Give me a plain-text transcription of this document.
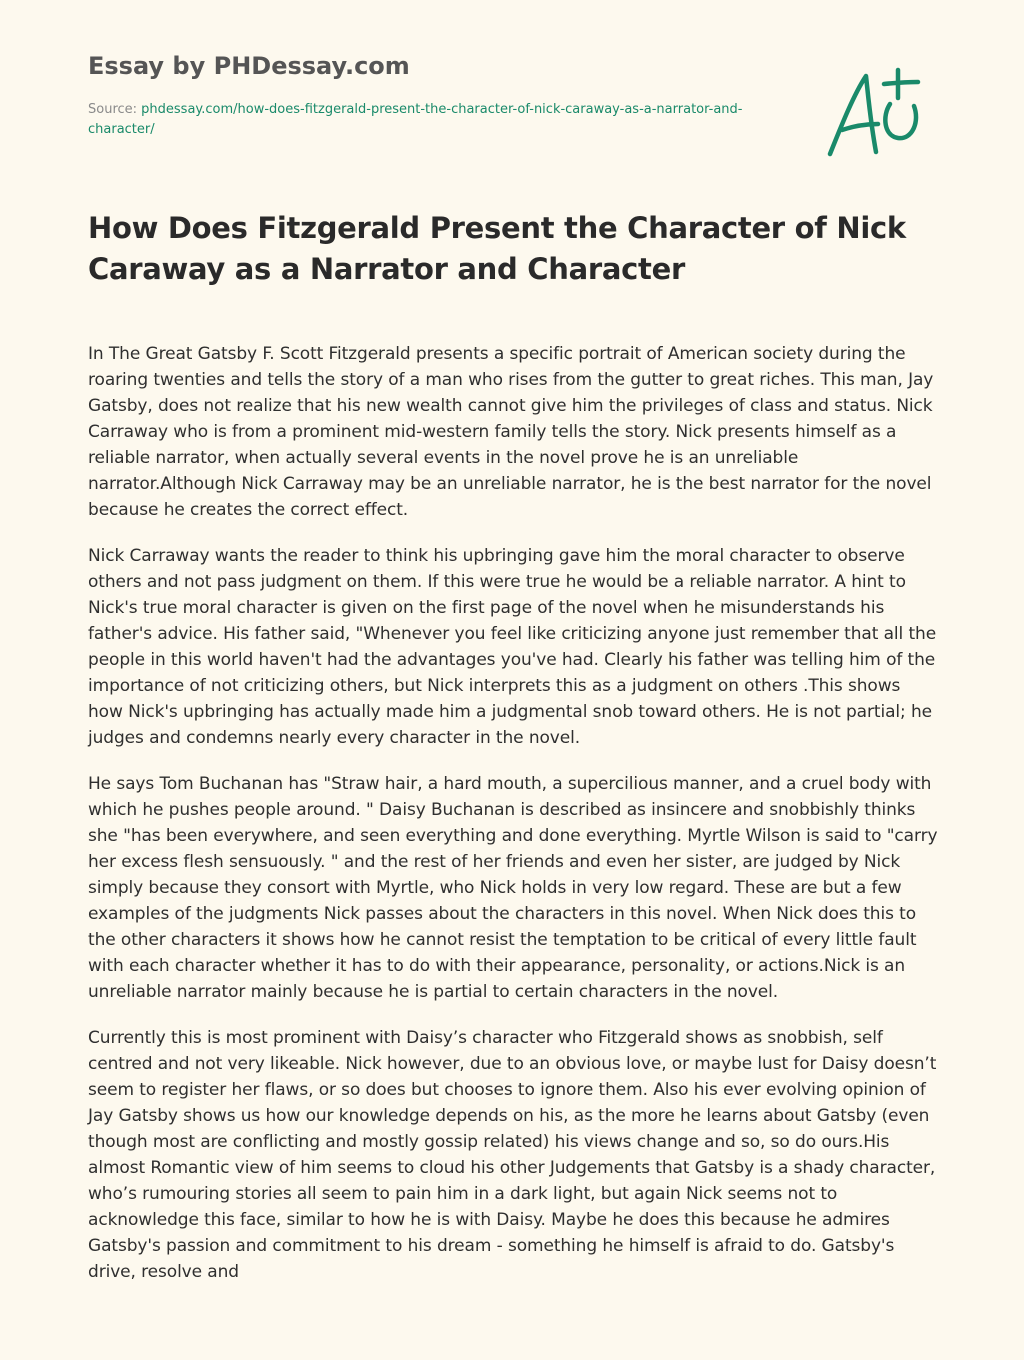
Essay by PHDessay.com
Source: phdessay.com/how-does-fitzgerald-present-the-character-of-nick-caraway-as-a-narrator-and-character/
How Does Fitzgerald Present the Character of Nick Caraway as a Narrator and Character

In The Great Gatsby F. Scott Fitzgerald presents a specific portrait of American society during the roaring twenties and tells the story of a man who rises from the gutter to great riches. This man, Jay Gatsby, does not realize that his new wealth cannot give him the privileges of class and status. Nick Carraway who is from a prominent mid-western family tells the story. Nick presents himself as a reliable narrator, when actually several events in the novel prove he is an unreliable narrator.Although Nick Carraway may be an unreliable narrator, he is the best narrator for the novel because he creates the correct effect.

Nick Carraway wants the reader to think his upbringing gave him the moral character to observe others and not pass judgment on them. If this were true he would be a reliable narrator. A hint to Nick's true moral character is given on the first page of the novel when he misunderstands his father's advice. His father said, "Whenever you feel like criticizing anyone just remember that all the people in this world haven't had the advantages you've had. Clearly his father was telling him of the importance of not criticizing others, but Nick interprets this as a judgment on others .This shows how Nick's upbringing has actually made him a judgmental snob toward others. He is not partial; he judges and condemns nearly every character in the novel.

He says Tom Buchanan has "Straw hair, a hard mouth, a supercilious manner, and a cruel body with which he pushes people around. " Daisy Buchanan is described as insincere and snobbishly thinks she "has been everywhere, and seen everything and done everything. Myrtle Wilson is said to "carry her excess flesh sensuously. " and the rest of her friends and even her sister, are judged by Nick simply because they consort with Myrtle, who Nick holds in very low regard. These are but a few examples of the judgments Nick passes about the characters in this novel. When Nick does this to the other characters it shows how he cannot resist the temptation to be critical of every little fault with each character whether it has to do with their appearance, personality, or actions.Nick is an unreliable narrator mainly because he is partial to certain characters in the novel.

Currently this is most prominent with Daisy’s character who Fitzgerald shows as snobbish, self centred and not very likeable. Nick however, due to an obvious love, or maybe lust for Daisy doesn’t seem to register her flaws, or so does but chooses to ignore them. Also his ever evolving opinion of Jay Gatsby shows us how our knowledge depends on his, as the more he learns about Gatsby (even though most are conflicting and mostly gossip related) his views change and so, so do ours.His almost Romantic view of him seems to cloud his other Judgements that Gatsby is a shady character, who’s rumouring stories all seem to pain him in a dark light, but again Nick seems not to acknowledge this face, similar to how he is with Daisy. Maybe he does this because he admires Gatsby's passion and commitment to his dream - something he himself is afraid to do. Gatsby's drive, resolve and
